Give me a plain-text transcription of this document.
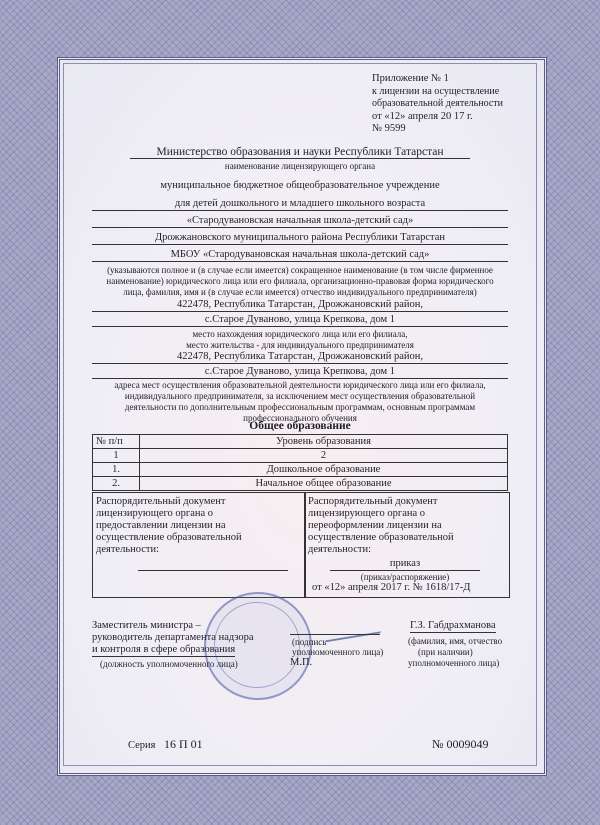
Приложение № 1
к лицензии на осуществление
образовательной деятельности
от «12» апреля 20 17 г.
№ 9599
Министерство образования и науки Республики Татарстан
наименование лицензирующего органа
муниципальное бюджетное общеобразовательное учреждение
для детей дошкольного и младшего школьного возраста
«Стародувановская начальная школа-детский сад»
Дрожжановского муниципального района Республики Татарстан
МБОУ «Стародувановская начальная школа-детский сад»
(указываются полное и (в случае если имеется) сокращенное наименование (в том числе фирменное
наименование) юридического лица или его филиала, организационно-правовая форма юридического
лица, фамилия, имя и (в случае если имеется) отчество индивидуального предпринимателя)
422478, Республика Татарстан, Дрожжановский район,
с.Старое Дуваново, улица Крепкова, дом 1
место нахождения юридического лица или его филиала,
место жительства - для индивидуального предпринимателя
422478, Республика Татарстан, Дрожжановский район,
с.Старое Дуваново, улица Крепкова, дом 1
адреса мест осуществления образовательной деятельности юридического лица или его филиала,
индивидуального предпринимателя, за исключением мест осуществления образовательной
деятельности по дополнительным профессиональным программам, основным программам
профессионального обучения
Общее образование
№ п/п	Уровень образования
1	2
1.	Дошкольное образование
2.	Начальное общее образование
Распорядительный документ
лицензирующего органа о
предоставлении лицензии на
осуществление образовательной
деятельности:
Распорядительный документ
лицензирующего органа о
переоформлении лицензии на
осуществление образовательной
деятельности:
приказ
(приказ/распоряжение)
от «12» апреля 2017 г. № 1618/17-Д
Заместитель министра –
руководитель департамента надзора
и контроля в сфере образования
(должность уполномоченного лица)
(подпись
уполномоченного лица)
М.П.
Г.З. Габдрахманова
(фамилия, имя, отчество
(при наличии)
уполномоченного лица)
Серия 16 П 01	№ 0009049
